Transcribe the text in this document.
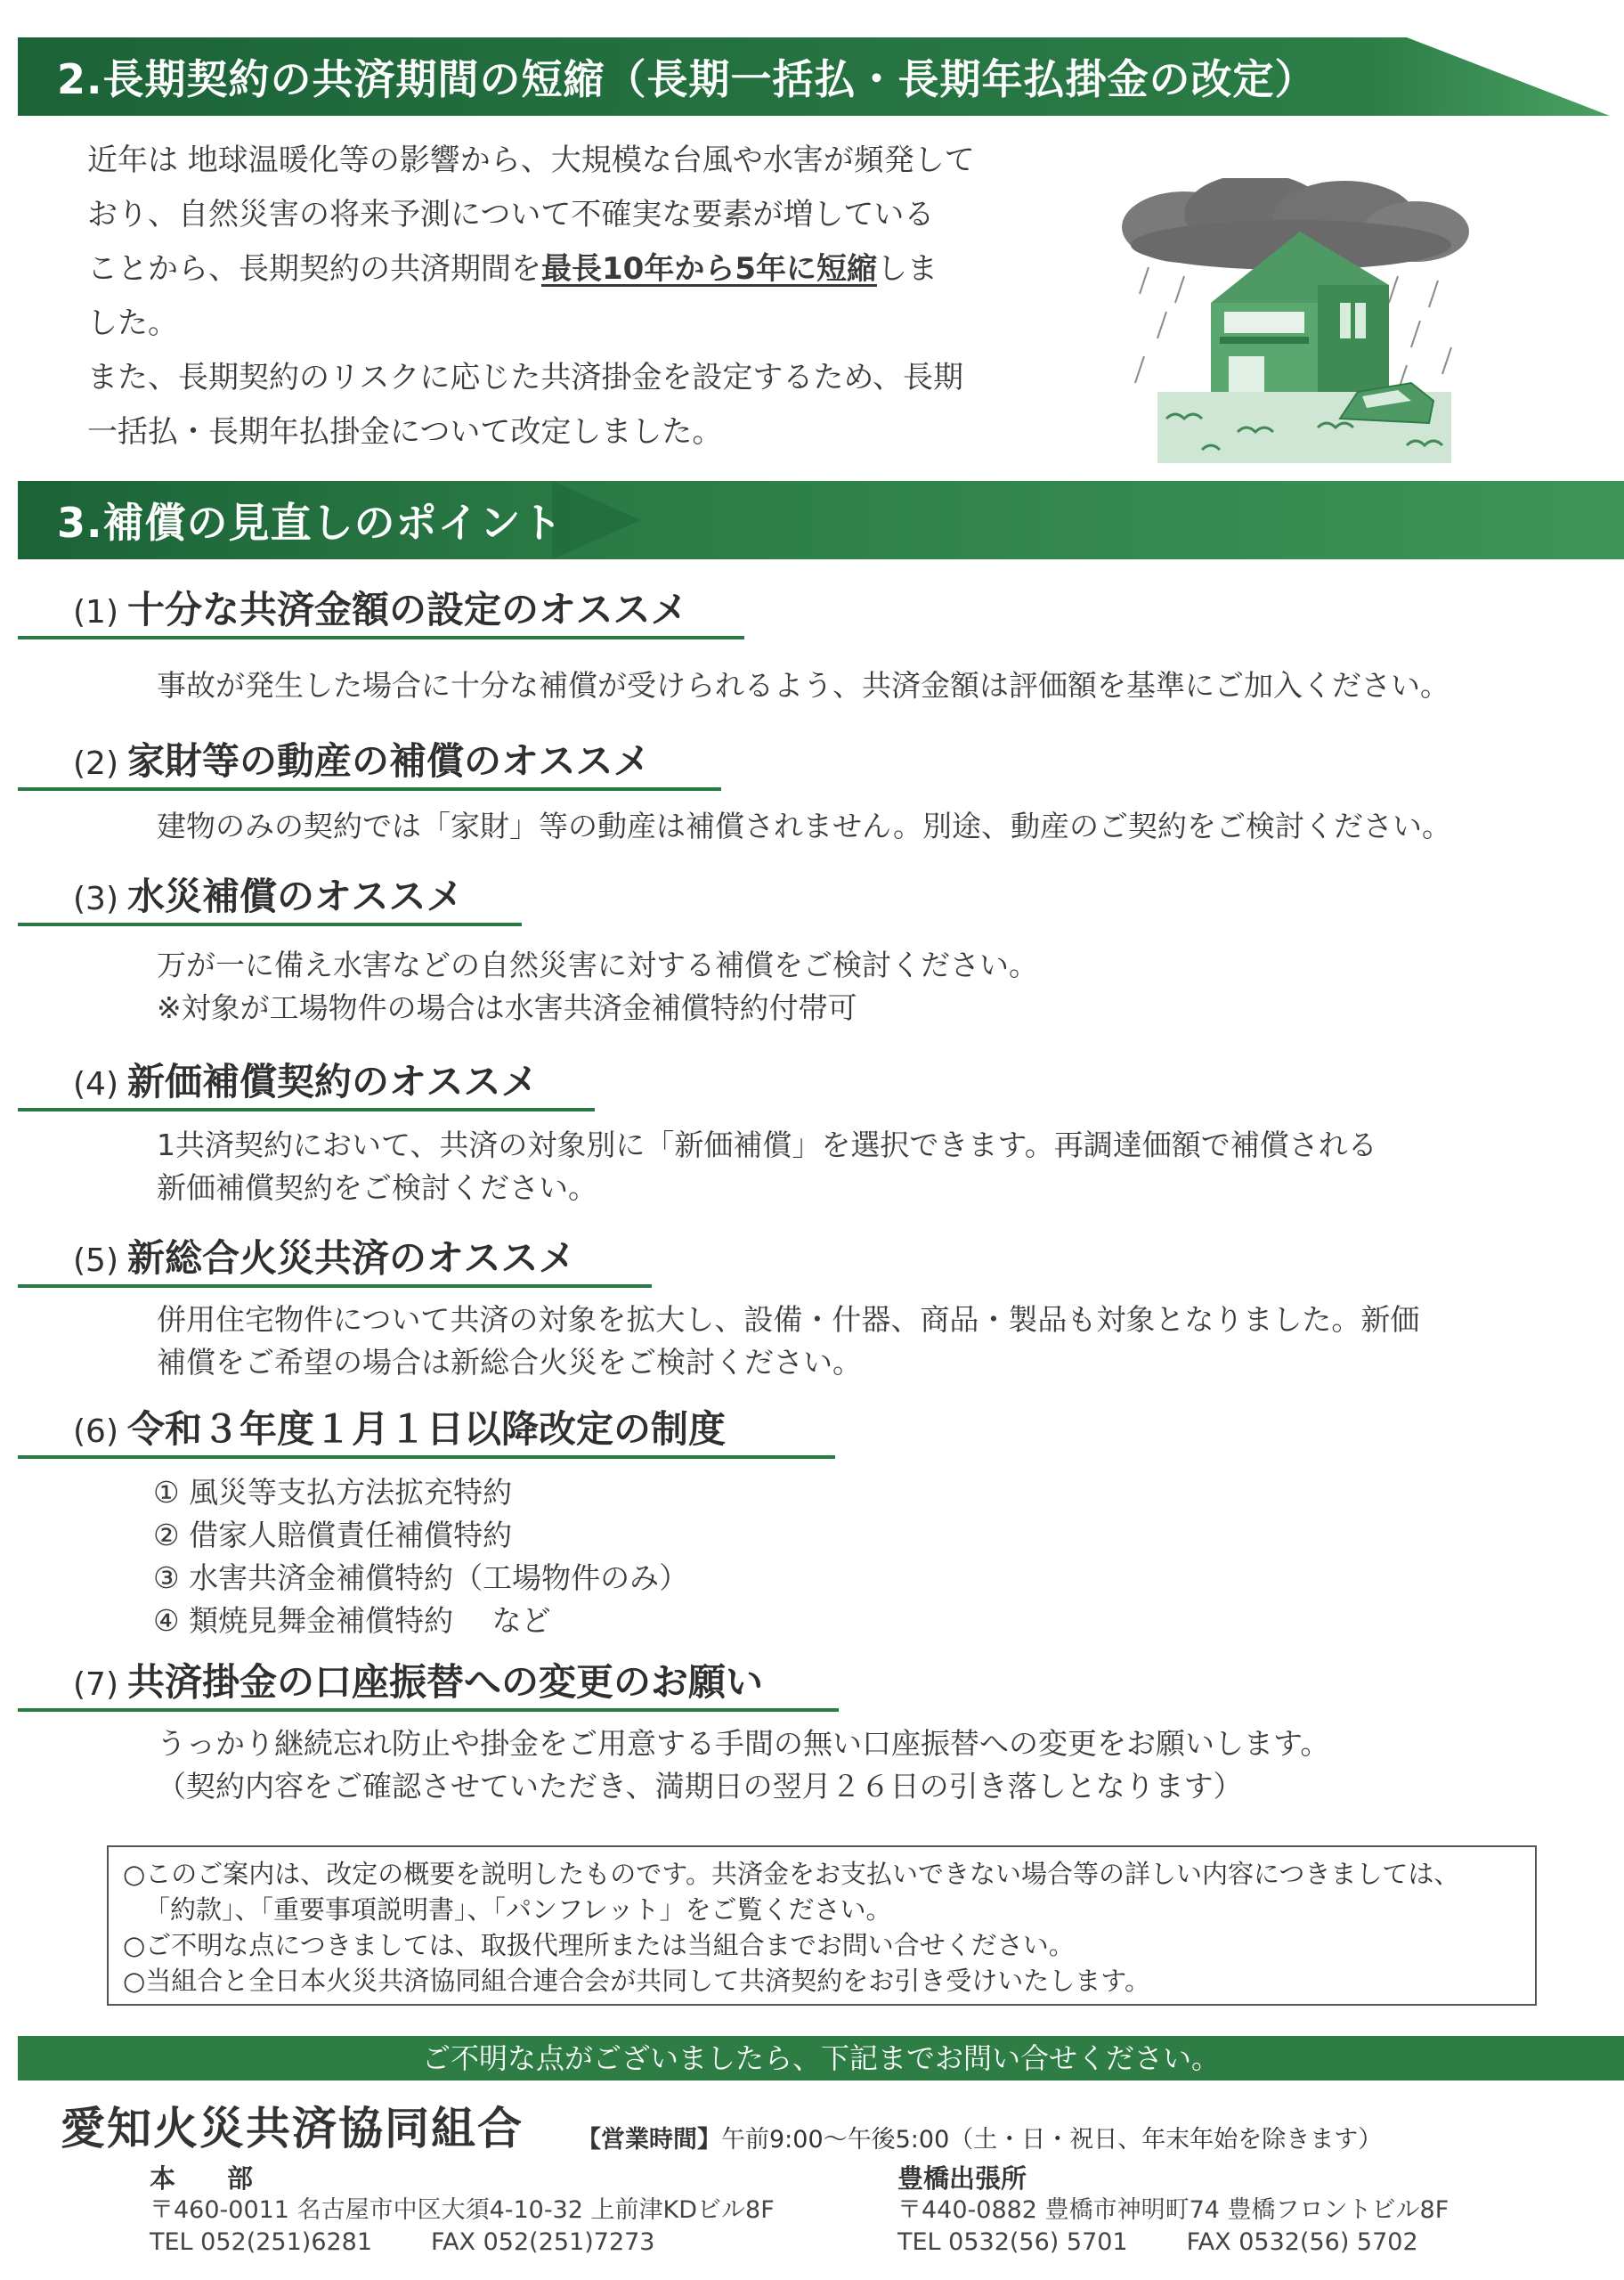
2.長期契約の共済期間の短縮（長期一括払・長期年払掛金の改定）

近年は 地球温暖化等の影響から、大規模な台風や水害が頻発して

おり、自然災害の将来予測について不確実な要素が増している

ことから、長期契約の共済期間を最長10年から5年に短縮しま

した。

また、長期契約のリスクに応じた共済掛金を設定するため、長期

一括払・長期年払掛金について改定しました。

3.補償の見直しのポイント
(1) 十分な共済金額の設定のオススメ

事故が発生した場合に十分な補償が受けられるよう、共済金額は評価額を基準にご加入ください。

(2) 家財等の動産の補償のオススメ

建物のみの契約では「家財」等の動産は補償されません。別途、動産のご契約をご検討ください。

(3) 水災補償のオススメ

万が一に備え水害などの自然災害に対する補償をご検討ください。

※対象が工場物件の場合は水害共済金補償特約付帯可

(4) 新価補償契約のオススメ

1共済契約において、共済の対象別に「新価補償」を選択できます。再調達価額で補償される

新価補償契約をご検討ください。

(5) 新総合火災共済のオススメ

併用住宅物件について共済の対象を拡大し、設備・什器、商品・製品も対象となりました。新価

補償をご希望の場合は新総合火災をご検討ください。

(6) 令和３年度１月１日以降改定の制度

① 風災等支払方法拡充特約

② 借家人賠償責任補償特約

③ 水害共済金補償特約（工場物件のみ）

④ 類焼見舞金補償特約　 など

(7) 共済掛金の口座振替への変更のお願い

うっかり継続忘れ防止や掛金をご用意する手間の無い口座振替への変更をお願いします。

（契約内容をご確認させていただき、満期日の翌月２６日の引き落しとなります）

○このご案内は、改定の概要を説明したものです。共済金をお支払いできない場合等の詳しい内容につきましては、

「約款」、「重要事項説明書」、「パンフレット」をご覧ください。

○ご不明な点につきましては、取扱代理所または当組合までお問い合せください。

○当組合と全日本火災共済協同組合連合会が共同して共済契約をお引き受けいたします。

ご不明な点がございましたら、下記までお問い合せください。
愛知火災共済協同組合 【営業時間】午前9:00〜午後5:00（土・日・祝日、年末年始を除きます）
本　　部
〒460-0011 名古屋市中区大須4-10-32 上前津KDビル8F
TEL 052(251)6281 FAX 052(251)7273
豊橋出張所
〒440-0882 豊橋市神明町74 豊橋フロントビル8F
TEL 0532(56) 5701 FAX 0532(56) 5702
